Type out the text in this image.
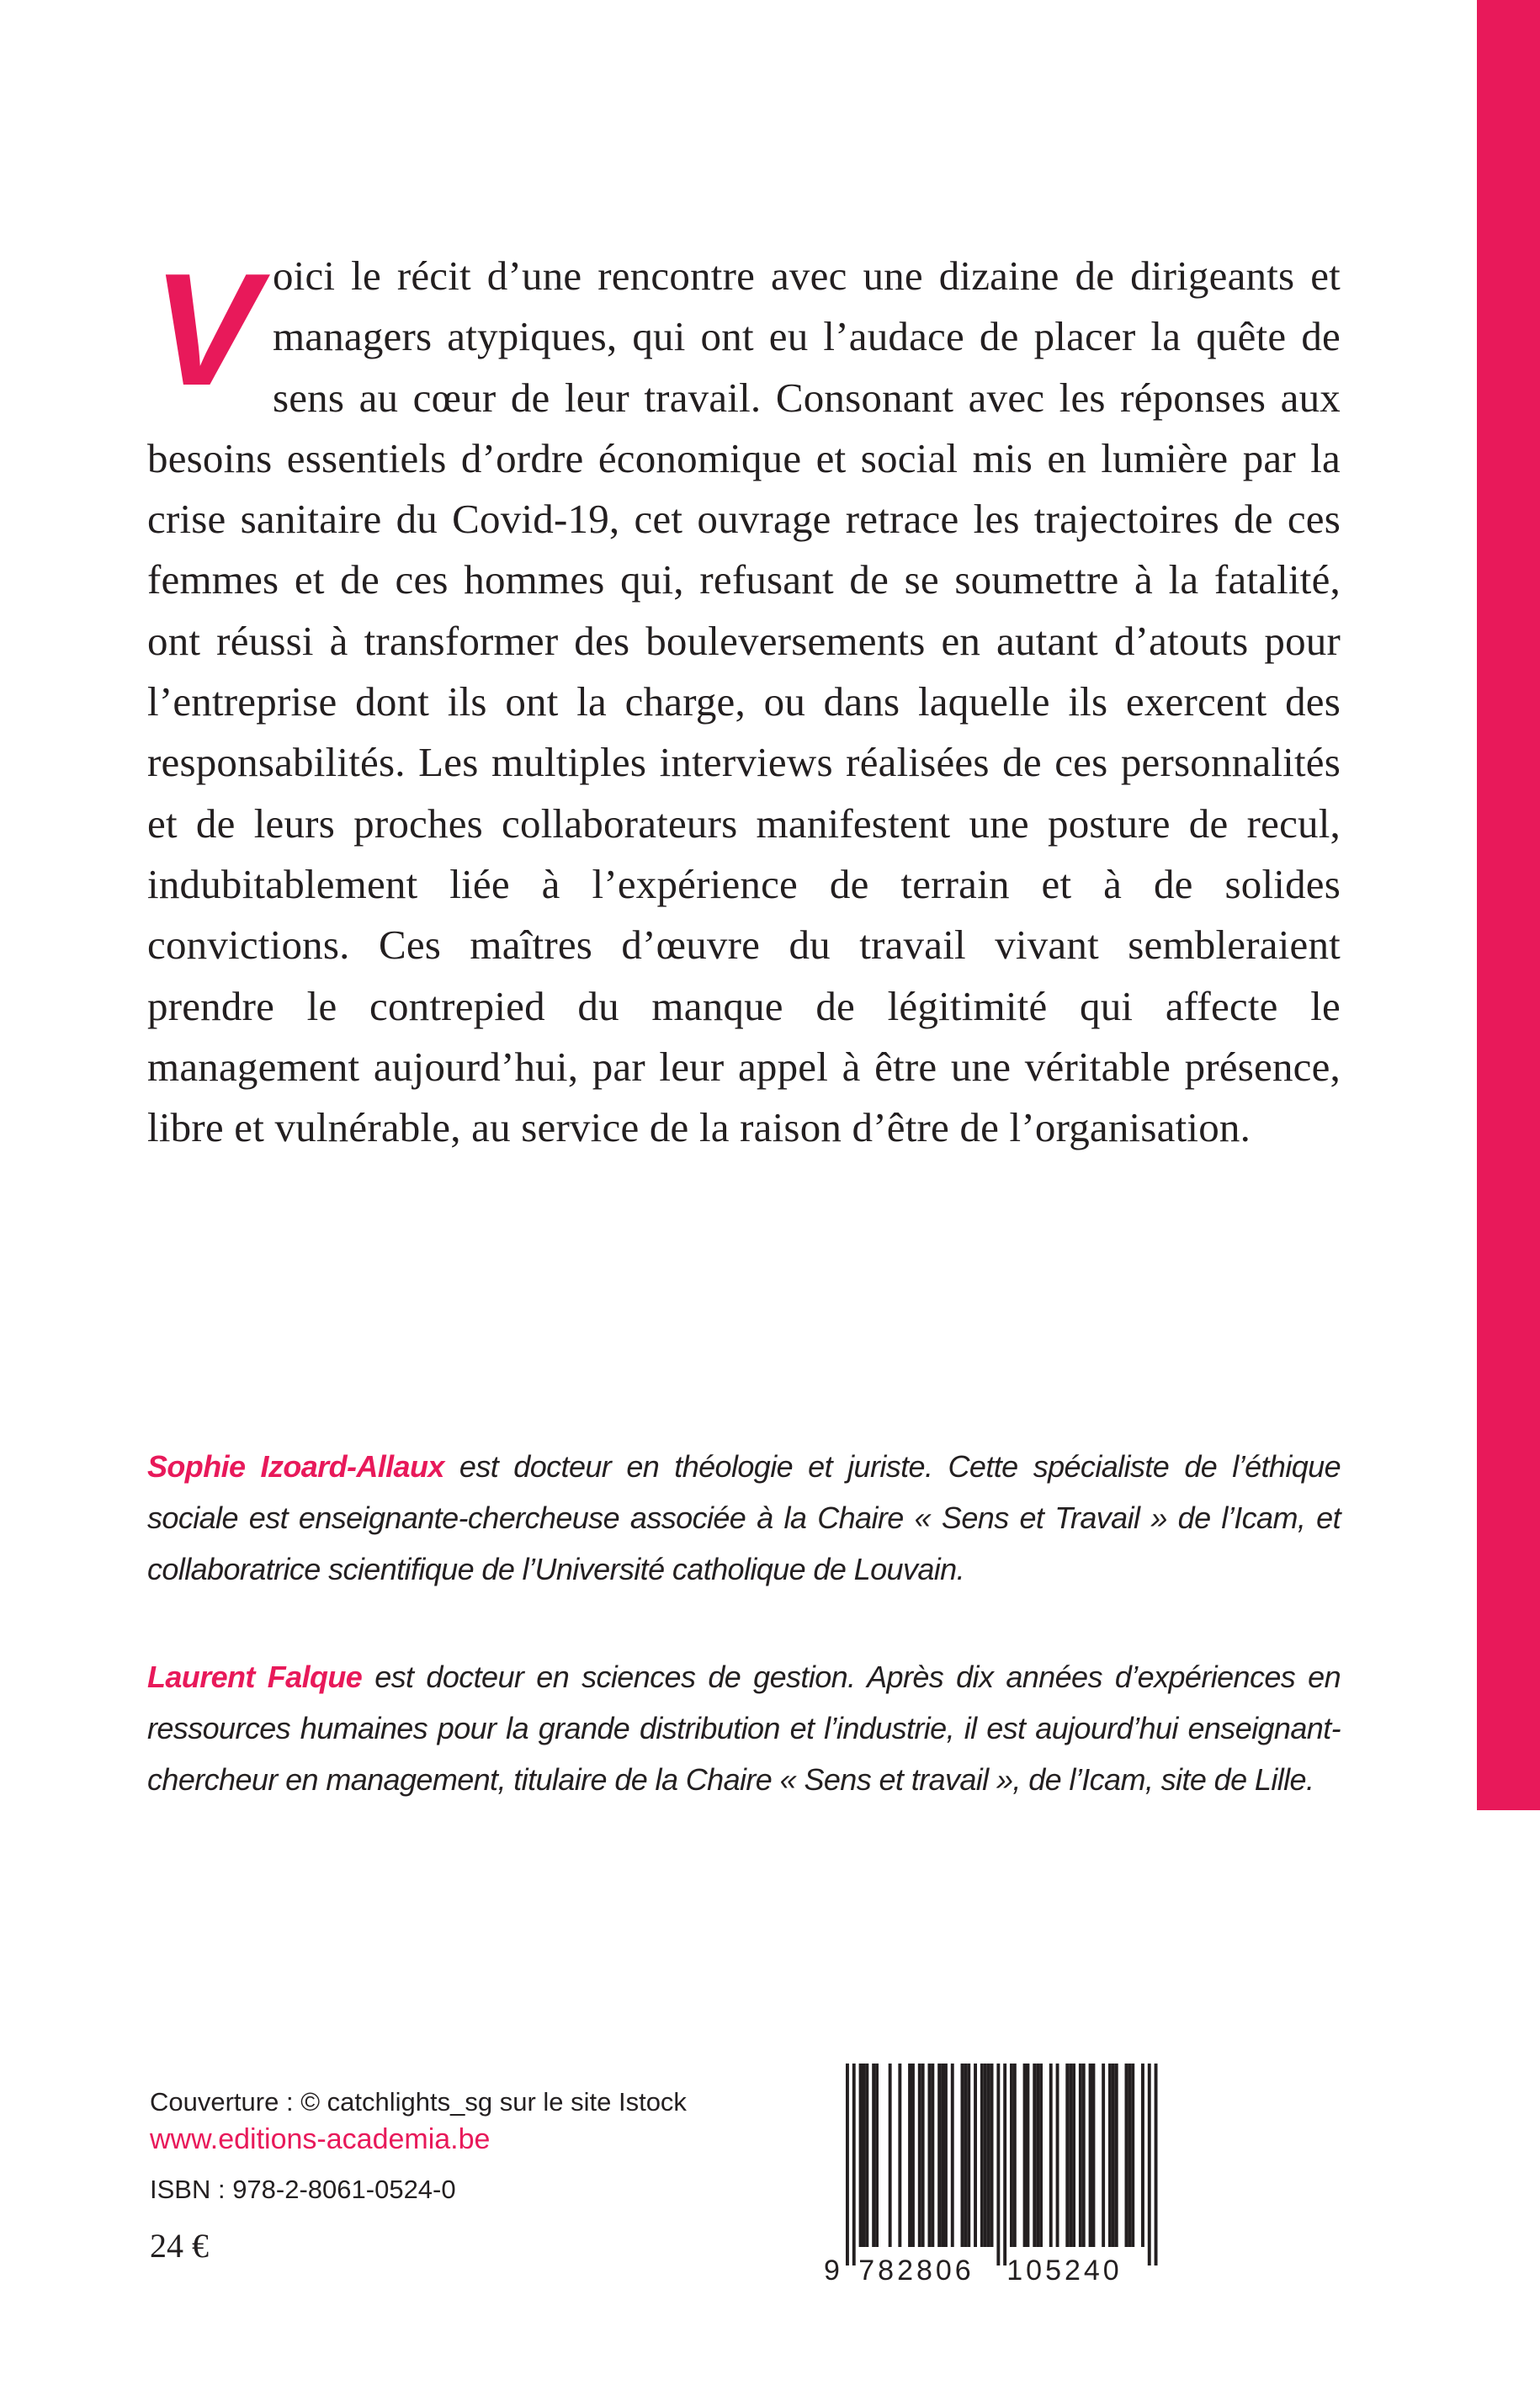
Voici le récit d’une rencontre avec une dizaine de dirigeants et managers atypiques, qui ont eu l’audace de placer la quête de sens au cœur de leur travail. Consonant avec les réponses aux besoins essentiels d’ordre économique et social mis en lumière par la crise sanitaire du Covid-19, cet ouvrage retrace les trajectoires de ces femmes et de ces hommes qui, refusant de se soumettre à la fatalité, ont réussi à transformer des bouleversements en autant d’atouts pour l’entreprise dont ils ont la charge, ou dans laquelle ils exercent des responsabilités. Les multiples interviews réalisées de ces personnalités et de leurs proches collaborateurs manifestent une posture de recul, indubitablement liée à l’expérience de terrain et à de solides convictions. Ces maîtres d’œuvre du travail vivant sembleraient prendre le contrepied du manque de légitimité qui affecte le management aujourd’hui, par leur appel à être une véritable présence, libre et vulnérable, au service de la raison d’être de l’organisation.

Sophie Izoard-Allaux est docteur en théologie et juriste. Cette spécialiste de l’éthique sociale est enseignante-chercheuse associée à la Chaire « Sens et Travail » de l’Icam, et collaboratrice scientifique de l’Université catholique de Louvain.

Laurent Falque est docteur en sciences de gestion. Après dix années d’expériences en ressources humaines pour la grande distribution et l’industrie, il est aujourd’hui enseignant-chercheur en management, titulaire de la Chaire « Sens et travail », de l’Icam, site de Lille.

Couverture : © catchlights_sg sur le site Istock
www.editions-academia.be
ISBN : 978-2-8061-0524-0
24 €
9 782806 105240
